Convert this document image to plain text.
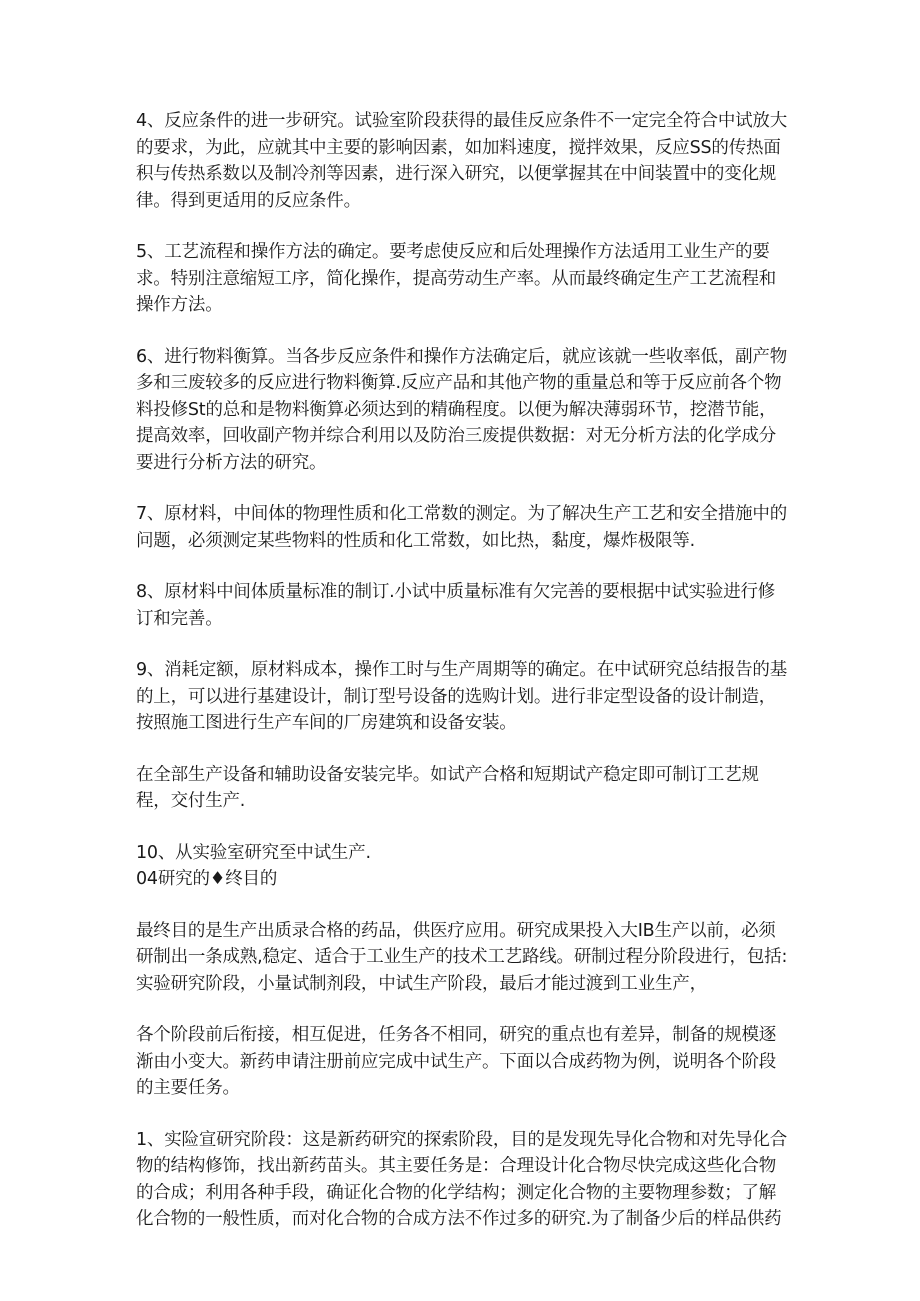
4、反应条件的进一步研究。试验室阶段获得的最佳反应条件不一定完全符合中试放大的要求，为此，应就其中主要的影响因素，如加料速度，搅拌效果，反应SS的传热面积与传热系数以及制冷剂等因素，进行深入研究，以便掌握其在中间装置中的变化规律。得到更适用的反应条件。

5、工艺流程和操作方法的确定。要考虑使反应和后处理操作方法适用工业生产的要求。特别注意缩短工序，简化操作，提高劳动生产率。从而最终确定生产工艺流程和操作方法。

6、进行物料衡算。当各步反应条件和操作方法确定后，就应该就一些收率低，副产物多和三废较多的反应进行物料衡算.反应产品和其他产物的重量总和等于反应前各个物料投修St的总和是物料衡算必须达到的精确程度。以便为解决薄弱环节，挖潜节能，提高效率，回收副产物并综合利用以及防治三废提供数据：对无分析方法的化学成分要进行分析方法的研究。

7、原材料，中间体的物理性质和化工常数的测定。为了解决生产工艺和安全措施中的问题，必须测定某些物料的性质和化工常数，如比热，黏度，爆炸极限等.

8、原材料中间体质量标准的制订.小试中质量标准有欠完善的要根据中试实验进行修订和完善。

9、消耗定额，原材料成本，操作工时与生产周期等的确定。在中试研究总结报告的基的上，可以进行基建设计，制订型号设备的选购计划。进行非定型设备的设计制造，按照施工图进行生产车间的厂房建筑和设备安装。

在全部生产设备和辅助设备安装完毕。如试产合格和短期试产稳定即可制订工艺规程，交付生产.

10、从实验室研究至中试生产.

04研究的♦终目的

最终目的是生产出质录合格的药品，供医疗应用。研究成果投入大IB生产以前，必须研制出一条成熟,稳定、适合于工业生产的技术工艺路线。研制过程分阶段进行，包括: 实验研究阶段，小量试制剂段，中试生产阶段，最后才能过渡到工业生产，

各个阶段前后衔接，相互促进，任务各不相同，研究的重点也有差异，制备的规模逐渐由小变大。新药申请注册前应完成中试生产。下面以合成药物为例，说明各个阶段的主要任务。

1、实险宣研究阶段：这是新药研究的探索阶段，目的是发现先导化合物和对先导化合物的结构修饰，找出新药苗头。其主要任务是：合理设计化合物尽快完成这些化合物的合成；利用各种手段，确证化合物的化学结构；测定化合物的主要物理参数；了解化合物的一般性质，而对化合物的合成方法不作过多的研究.为了制备少后的样品供药
